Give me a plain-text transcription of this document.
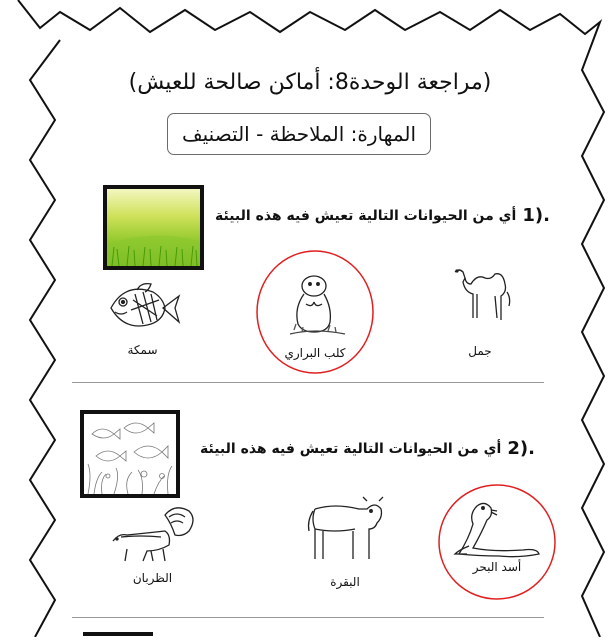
(مراجعة الوحدة8: أماكن صالحة للعيش)
المهارة: الملاحظة - التصنيف
1).
أي من الحيوانات التالية تعيش فيه هذه البيئة
جمل
كلب البراري
سمكة
2).
أي من الحيوانات التالية تعيش فيه هذه البيئة
أسد البحر
البقرة
الظربان
